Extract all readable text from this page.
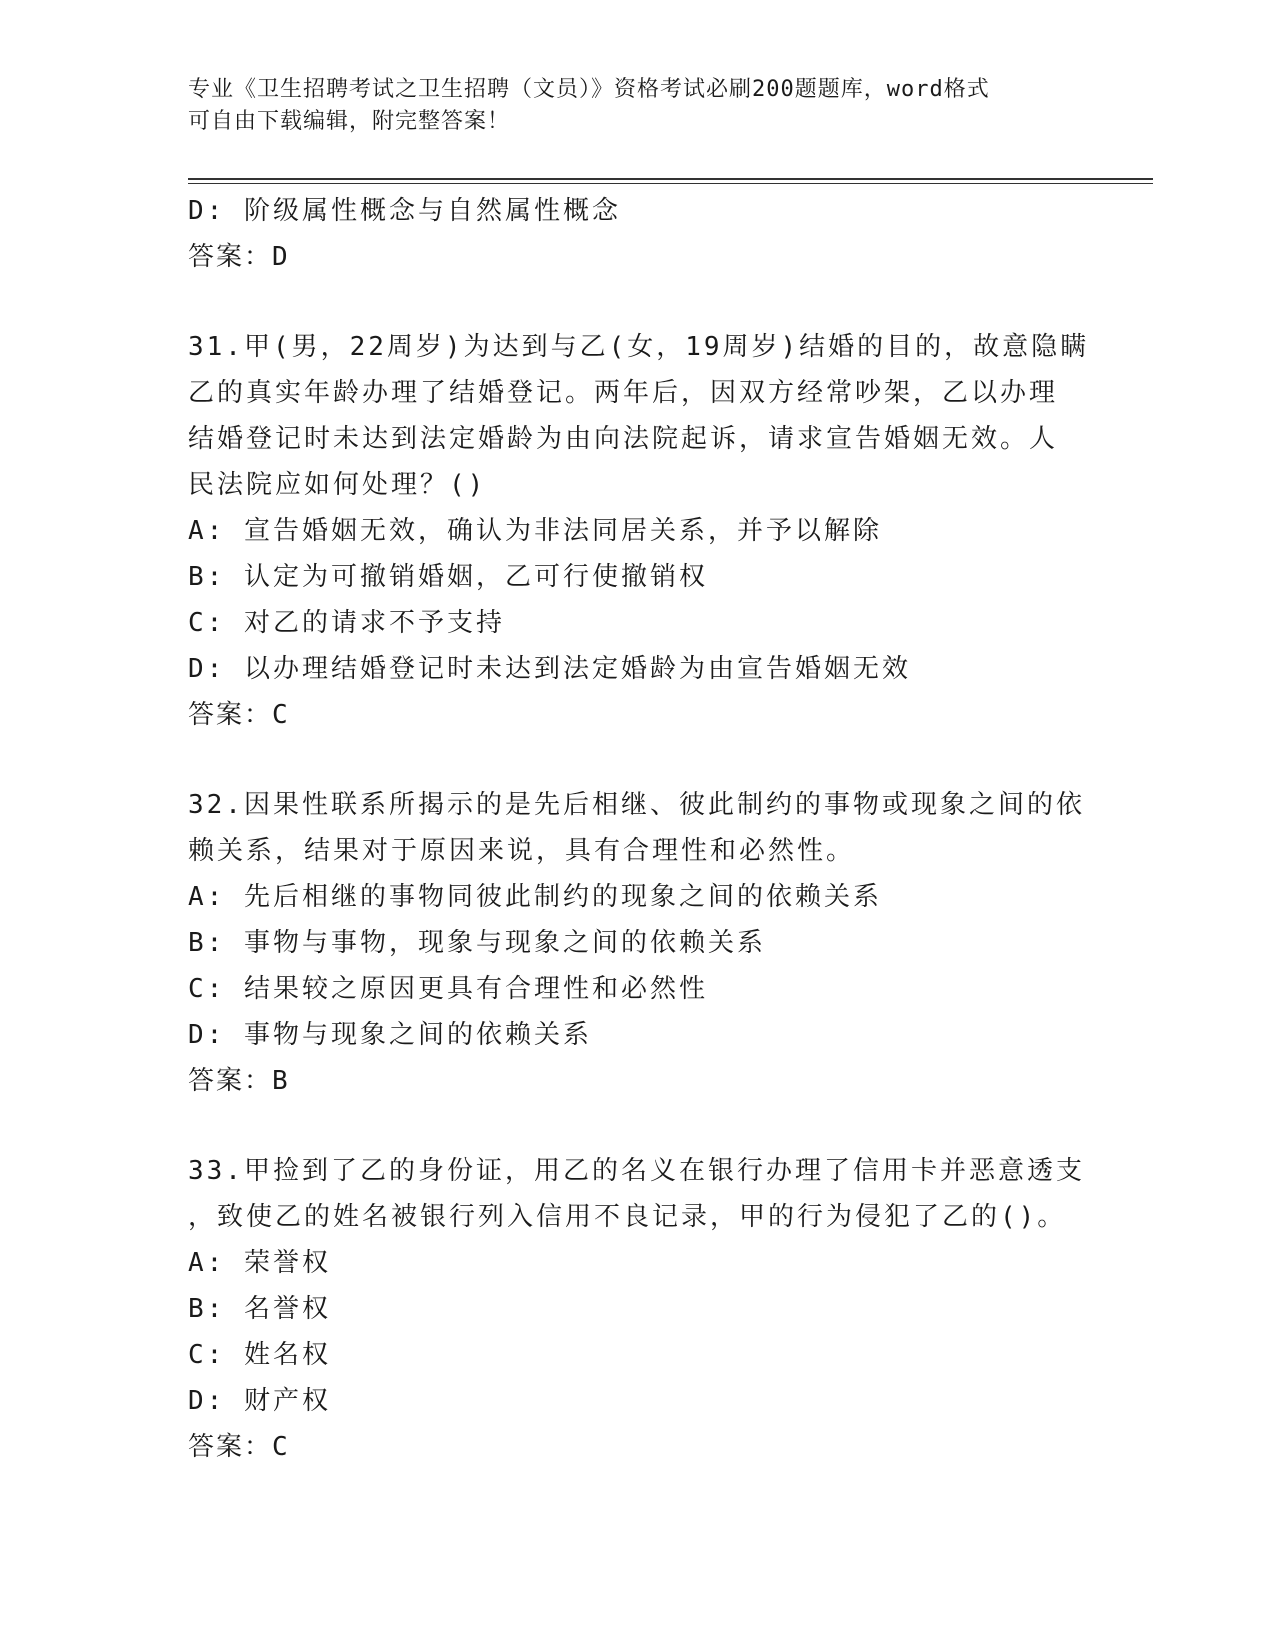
专业《卫生招聘考试之卫生招聘（文员）》资格考试必刷200题题库，word格式
可自由下载编辑，附完整答案！
D: 阶级属性概念与自然属性概念
答案：D
31.甲(男，22周岁)为达到与乙(女，19周岁)结婚的目的，故意隐瞒
乙的真实年龄办理了结婚登记。两年后，因双方经常吵架，乙以办理
结婚登记时未达到法定婚龄为由向法院起诉，请求宣告婚姻无效。人
民法院应如何处理？()
A: 宣告婚姻无效，确认为非法同居关系，并予以解除
B: 认定为可撤销婚姻，乙可行使撤销权
C: 对乙的请求不予支持
D: 以办理结婚登记时未达到法定婚龄为由宣告婚姻无效
答案：C
32.因果性联系所揭示的是先后相继、彼此制约的事物或现象之间的依
赖关系，结果对于原因来说，具有合理性和必然性。
A: 先后相继的事物同彼此制约的现象之间的依赖关系
B: 事物与事物，现象与现象之间的依赖关系
C: 结果较之原因更具有合理性和必然性
D: 事物与现象之间的依赖关系
答案：B
33.甲捡到了乙的身份证，用乙的名义在银行办理了信用卡并恶意透支
，致使乙的姓名被银行列入信用不良记录，甲的行为侵犯了乙的()。
A: 荣誉权
B: 名誉权
C: 姓名权
D: 财产权
答案：C
